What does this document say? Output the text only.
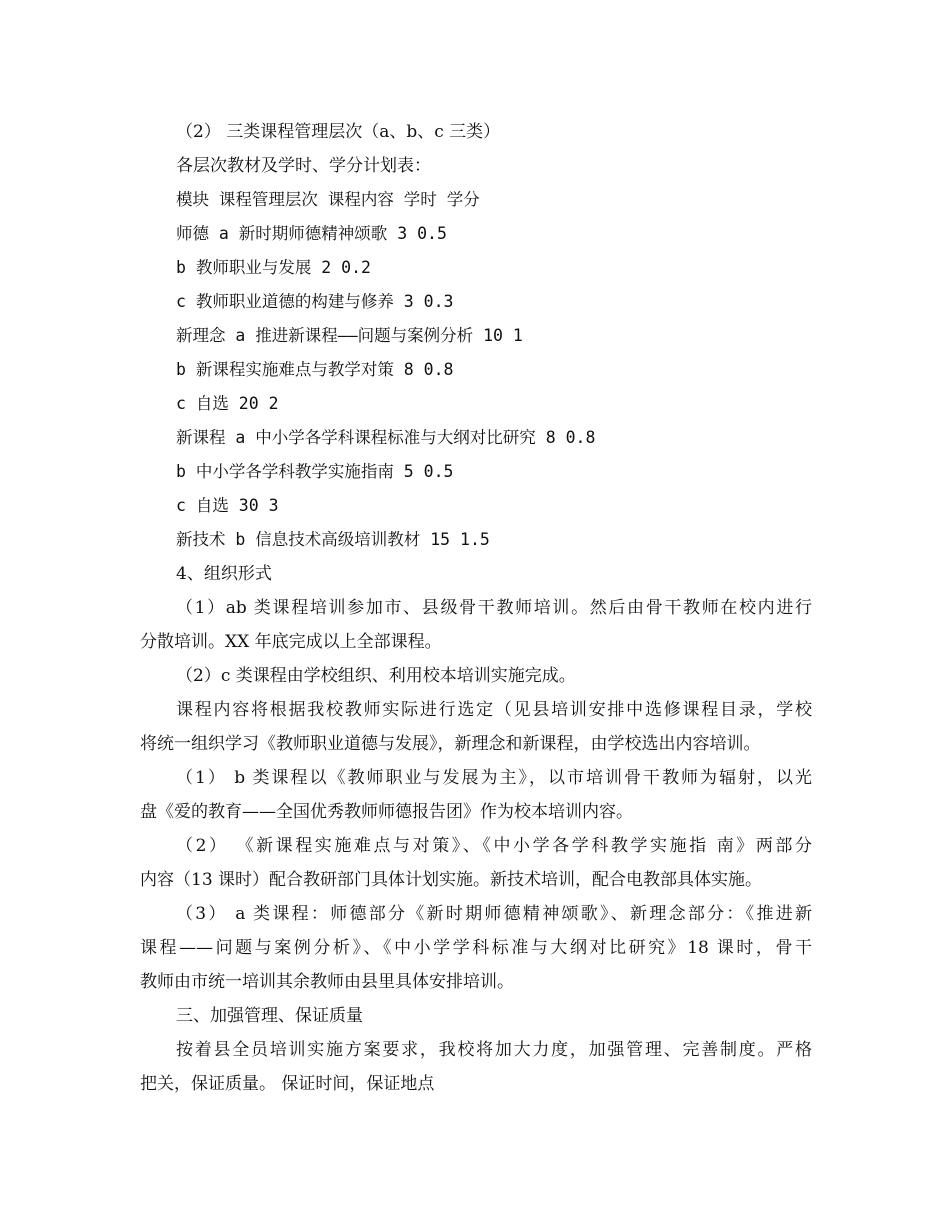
（2） 三类课程管理层次（a、b、c 三类）

各层次教材及学时、学分计划表：

模块 课程管理层次 课程内容 学时 学分

师德 a 新时期师德精神颂歌 3 0.5

b 教师职业与发展 2 0.2

c 教师职业道德的构建与修养 3 0.3

新理念 a 推进新课程——问题与案例分析 10 1

b 新课程实施难点与教学对策 8 0.8

c 自选 20 2

新课程 a 中小学各学科课程标准与大纲对比研究 8 0.8

b 中小学各学科教学实施指南 5 0.5

c 自选 30 3

新技术 b 信息技术高级培训教材 15 1.5

4、组织形式

（1）ab 类课程培训参加市、县级骨干教师培训。然后由骨干教师在校内进行

分散培训。XX 年底完成以上全部课程。

（2）c 类课程由学校组织、利用校本培训实施完成。

课程内容将根据我校教师实际进行选定（见县培训安排中选修课程目录，学校

将统一组织学习《教师职业道德与发展》，新理念和新课程，由学校选出内容培训。

（1） b 类课程以《教师职业与发展为主》，以市培训骨干教师为辐射，以光

盘《爱的教育——全国优秀教师师德报告团》作为校本培训内容。

（2） 《新课程实施难点与对策》、《中小学各学科教学实施指 南》两部分

内容（13 课时）配合教研部门具体计划实施。新技术培训，配合电教部具体实施。

（3） a 类课程：师德部分《新时期师德精神颂歌》、新理念部分：《推进新

课程——问题与案例分析》、《中小学学科标准与大纲对比研究》18 课时，骨干

教师由市统一培训其余教师由县里具体安排培训。

三、加强管理、保证质量

按着县全员培训实施方案要求，我校将加大力度，加强管理、完善制度。严格

把关，保证质量。 保证时间，保证地点
